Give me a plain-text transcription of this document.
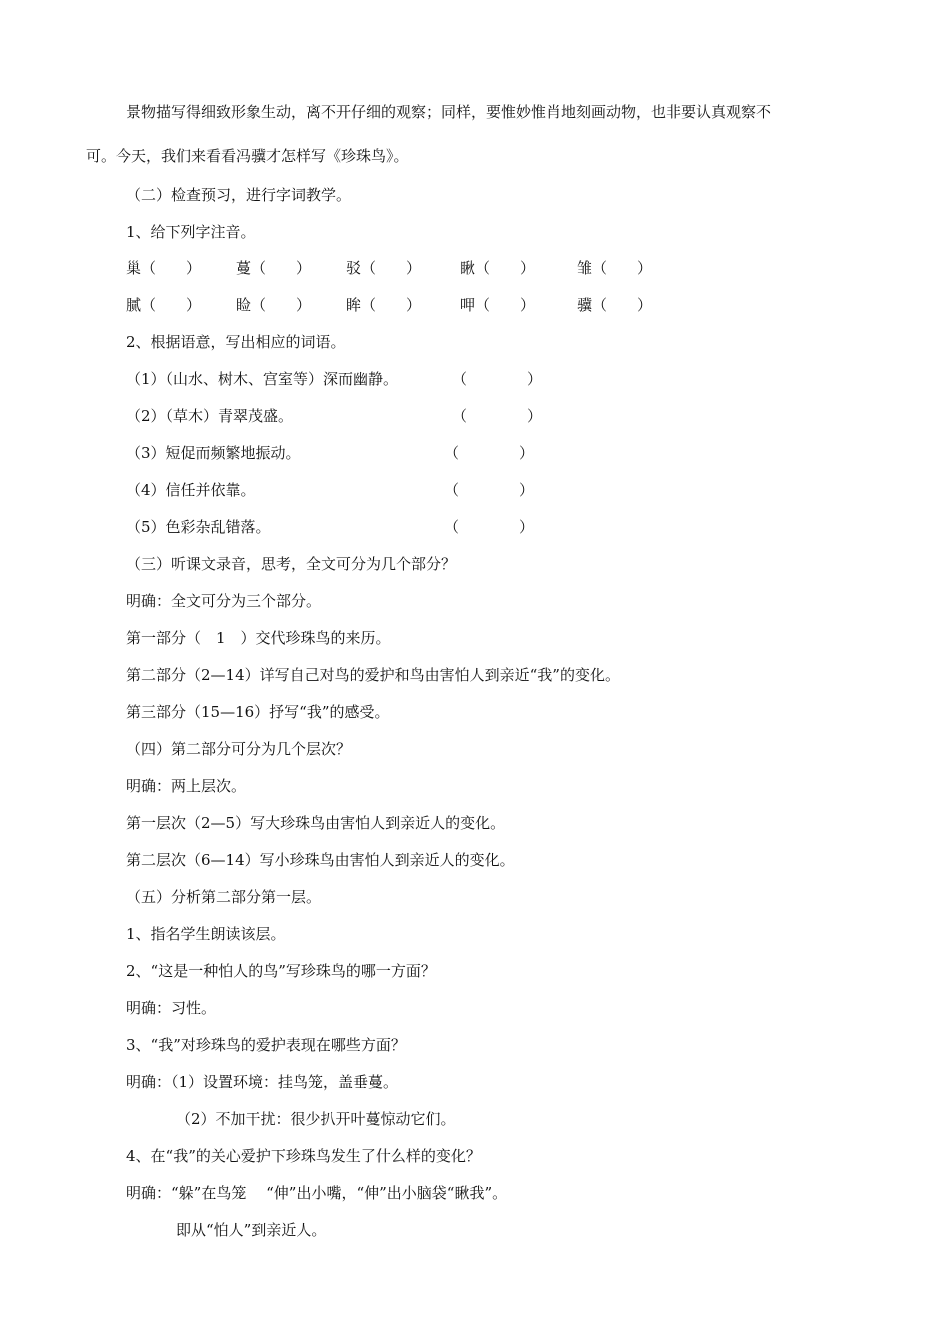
景物描写得细致形象生动，离不开仔细的观察；同样，要惟妙惟肖地刻画动物，也非要认真观察不
可。今天，我们来看看冯骥才怎样写《珍珠鸟》。
（二）检查预习，进行字词教学。
1、给下列字注音。
巢（　　） 蔓（　　） 驳（　　）	瞅（　　）	雏（　　）
腻（　　） 睑（　　） 眸（　　）	呷（　　）	骥（　　）
2、根据语意，写出相应的词语。
（1）（山水、树木、宫室等）深而幽静。	（　　　　）
（2）（草木）青翠茂盛。	（　　　　）
（3）短促而频繁地振动。	（　　　　）
（4）信任并依靠。	（　　　　）
（5）色彩杂乱错落。	（　　　　）
（三）听课文录音，思考，全文可分为几个部分？
明确：全文可分为三个部分。
第一部分（　1　）交代珍珠鸟的来历。
第二部分（2—14）详写自己对鸟的爱护和鸟由害怕人到亲近“我”的变化。
第三部分（15—16）抒写“我”的感受。
（四）第二部分可分为几个层次？
明确：两上层次。
第一层次（2—5）写大珍珠鸟由害怕人到亲近人的变化。
第二层次（6—14）写小珍珠鸟由害怕人到亲近人的变化。
（五）分析第二部分第一层。
1、指名学生朗读该层。
2、“这是一种怕人的鸟”写珍珠鸟的哪一方面？
明确：习性。
3、“我”对珍珠鸟的爱护表现在哪些方面？
明确：（1）设置环境：挂鸟笼，盖垂蔓。
（2）不加干扰：很少扒开叶蔓惊动它们。
4、在“我”的关心爱护下珍珠鸟发生了什么样的变化？
明确：“躲”在鸟笼　 “伸”出小嘴，“伸”出小脑袋“瞅我”。
即从“怕人”到亲近人。
